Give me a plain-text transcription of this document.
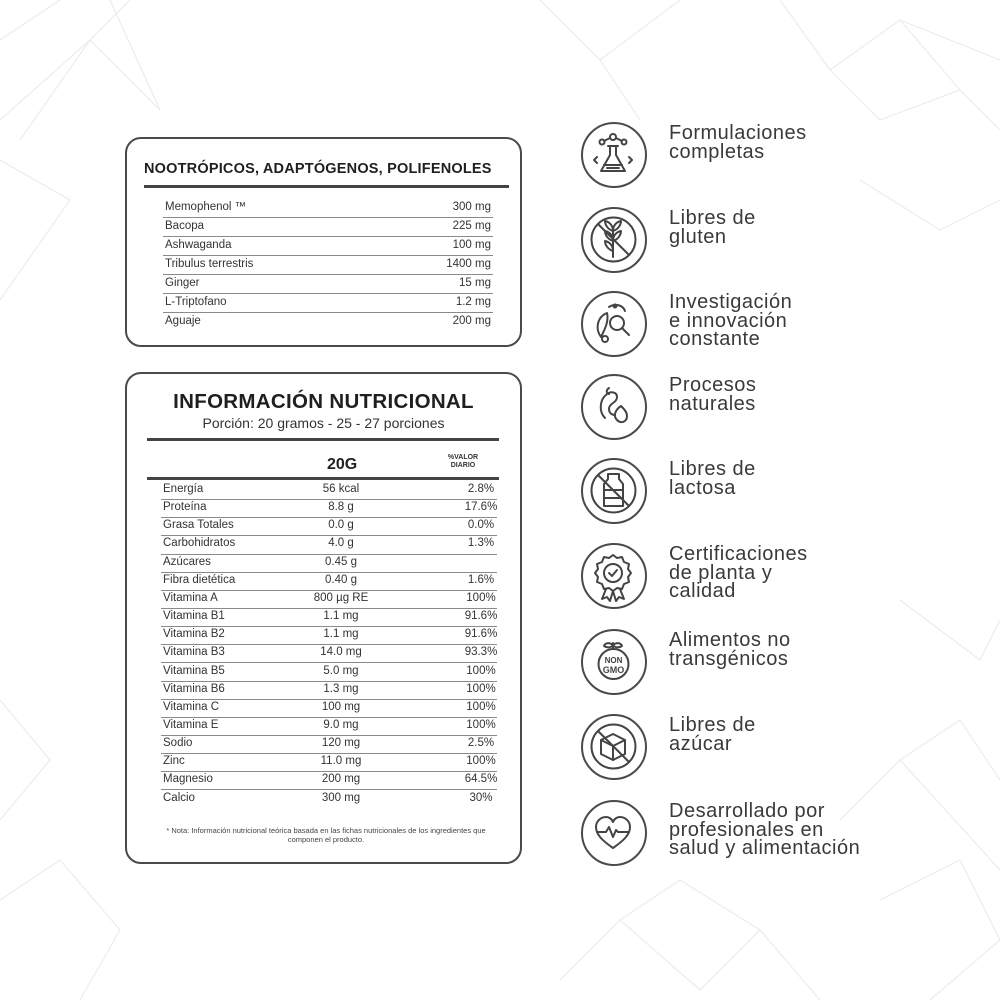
NOOTRÓPICOS, ADAPTÓGENOS, POLIFENOLES
Memophenol ™	300 mg
Bacopa	225 mg
Ashwaganda	100 mg
Tribulus terrestris	1400 mg
Ginger	15 mg
L-Triptofano	1.2 mg
Aguaje	200 mg
INFORMACIÓN NUTRICIONAL
Porción: 20 gramos - 25 - 27 porciones
20G	%VALOR
DIARIO
Energía	56 kcal	2.8%
Proteína	8.8 g	17.6%
Grasa Totales	0.0 g	0.0%
Carbohidratos	4.0 g	1.3%
Azúcares	0.45 g
Fibra dietética	0.40 g	1.6%
Vitamina A	800 µg RE	100%
Vitamina B1	1.1 mg	91.6%
Vitamina B2	1.1 mg	91.6%
Vitamina B3	14.0 mg	93.3%
Vitamina B5	5.0 mg	100%
Vitamina B6	1.3 mg	100%
Vitamina C	100 mg	100%
Vitamina E	9.0 mg	100%
Sodio	120 mg	2.5%
Zinc	11.0 mg	100%
Magnesio	200 mg	64.5%
Calcio	300 mg	30%
* Nota: Información nutricional teórica basada en las fichas nutricionales de los ingredientes que componen el producto.
Formulaciones
completas
Libres de
gluten
Investigación
e innovación
constante
Procesos
naturales
Libres de
lactosa
Certificaciones
de planta y
calidad
NON
GMO
Alimentos no
transgénicos
Libres de
azúcar
Desarrollado por
profesionales en
salud y alimentación
